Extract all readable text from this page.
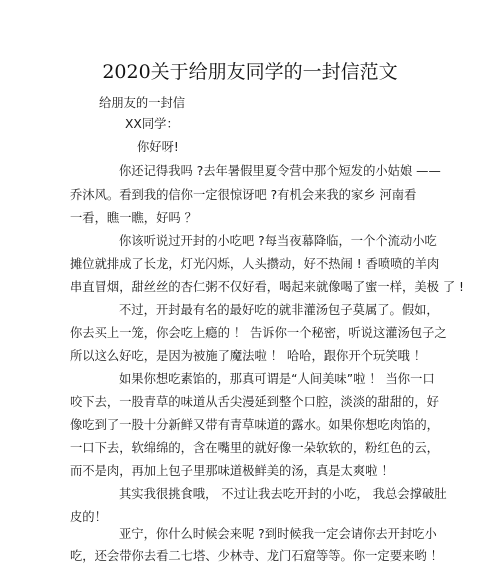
2020关于给朋友同学的一封信范文
给朋友的一封信
XX同学：
你好呀!
你还记得我吗 ?去年暑假里夏令营中那个短发的小姑娘 ——
乔沐风。看到我的信你一定很惊讶吧 ?有机会来我的家乡 河南看
一看，瞧一瞧，好吗 ？
你该听说过开封的小吃吧 ?每当夜幕降临，一个个流动小吃
摊位就排成了长龙，灯光闪烁，人头攒动，好不热闹 ! 香喷喷的羊肉
串直冒烟，甜丝丝的杏仁粥不仅好看，喝起来就像喝了蜜一样，美极 了 !
不过，开封最有名的最好吃的就非灌汤包子莫属了。假如，
你去买上一笼，你会吃上瘾的 ！ 告诉你一个秘密，听说这灌汤包子之
所以这么好吃，是因为被施了魔法啦 ！ 哈哈，跟你开个玩笑哦 ！
如果你想吃素馅的，那真可谓是“人间美味”啦 ！ 当你一口
咬下去，一股青草的味道从舌尖漫延到整个口腔，淡淡的甜甜的，好
像吃到了一股十分新鲜又带有青草味道的露水。如果你想吃肉馅的，
一口下去，软绵绵的，含在嘴里的就好像一朵软软的，粉红色的云，
而不是肉，再加上包子里那味道极鲜美的汤，真是太爽啦 ！
其实我很挑食哦， 不过让我去吃开封的小吃， 我总会撑破肚
皮的！
亚宁，你什么时候会来呢 ?到时候我一定会请你去开封吃小
吃，还会带你去看二七塔、少林寺、龙门石窟等等。你一定要来哟 ！
